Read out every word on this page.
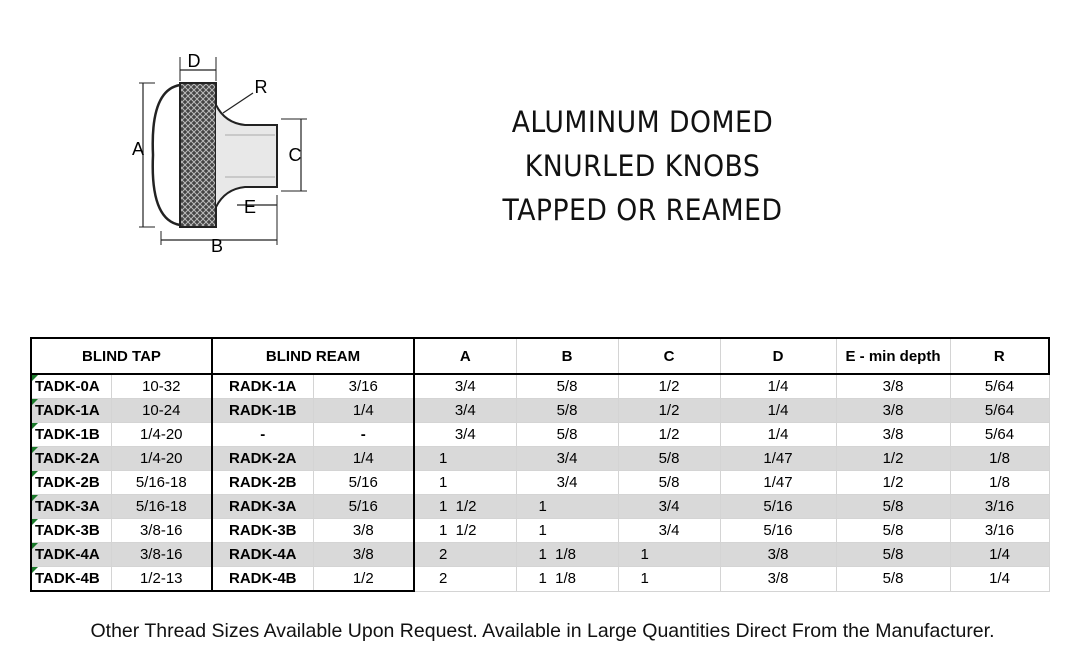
A
B
C
D
E
R
ALUMINUM DOMED
KNURLED KNOBS
TAPPED OR REAMED
BLIND TAP		BLIND REAM		A	B	C	D	E - min depth	R
TADK-0A	10-32	RADK-1A	3/16	3/4	5/8	1/2	1/4	3/8	5/64
TADK-1A	10-24	RADK-1B	1/4	3/4	5/8	1/2	1/4	3/8	5/64
TADK-1B	1/4-20	-	-	3/4	5/8	1/2	1/4	3/8	5/64
TADK-2A	1/4-20	RADK-2A	1/4	1	3/4	5/8	1/47	1/2	1/8
TADK-2B	5/16-18	RADK-2B	5/16	1	3/4	5/8	1/47	1/2	1/8
TADK-3A	5/16-18	RADK-3A	5/16	1  1/2	1	3/4	5/16	5/8	3/16
TADK-3B	3/8-16	RADK-3B	3/8	1  1/2	1	3/4	5/16	5/8	3/16
TADK-4A	3/8-16	RADK-4A	3/8	2	1  1/8	1	3/8	5/8	1/4
TADK-4B	1/2-13	RADK-4B	1/2	2	1  1/8	1	3/8	5/8	1/4
Other Thread Sizes Available Upon Request. Available in Large Quantities Direct From the Manufacturer.
